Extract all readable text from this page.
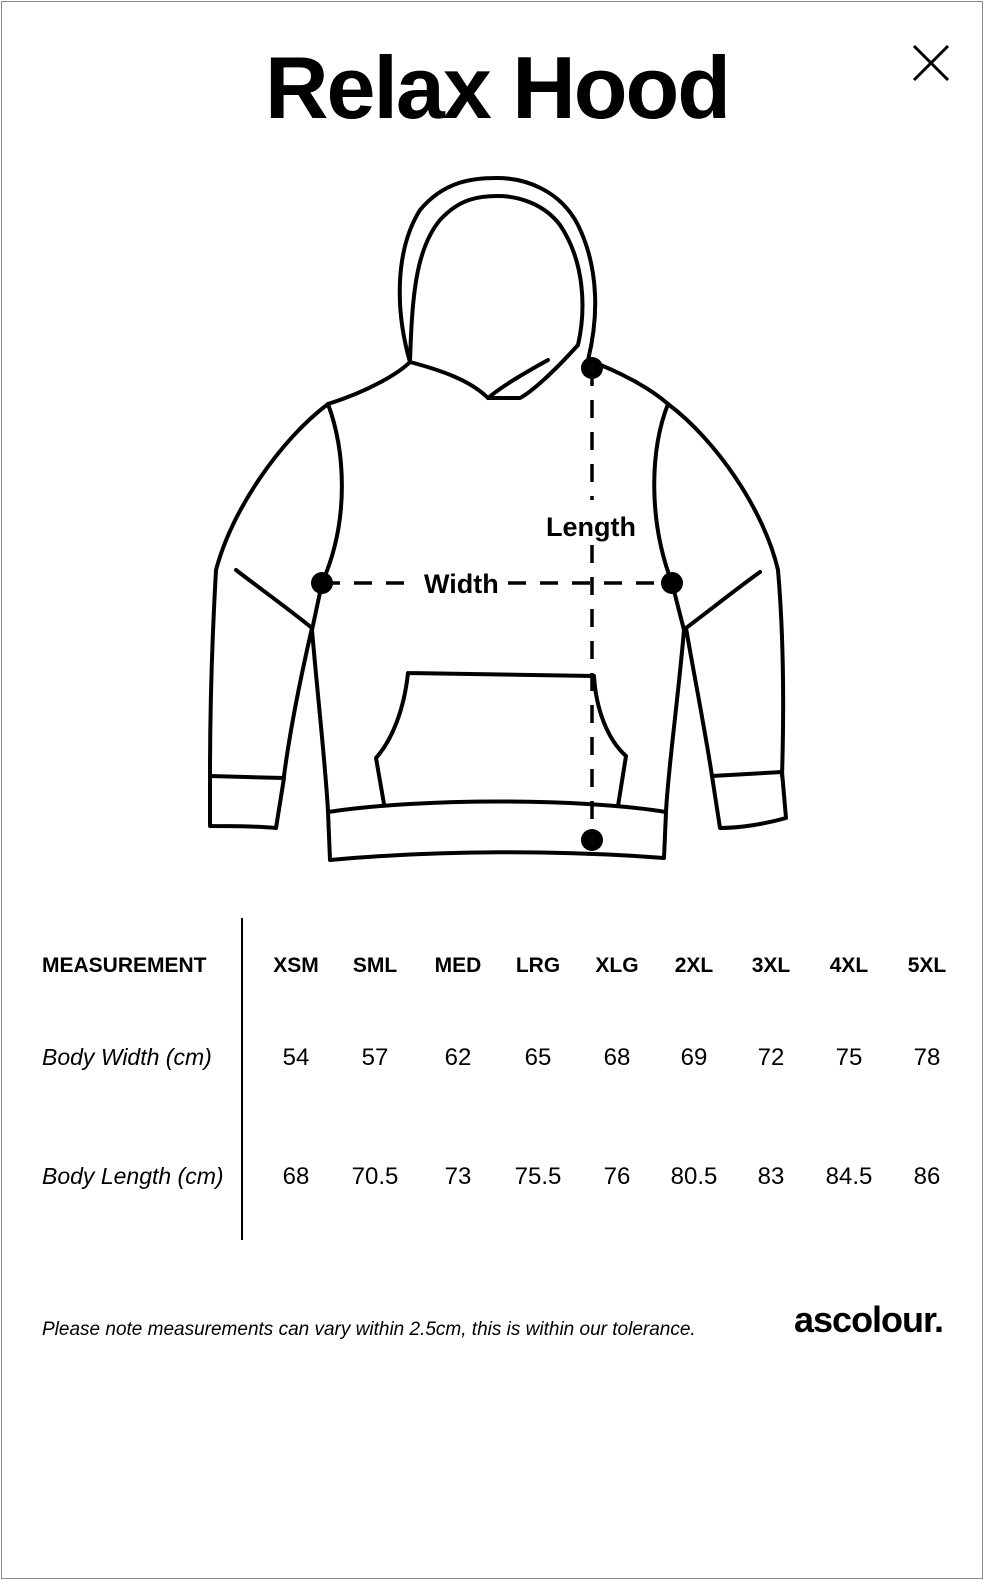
Relax Hood
Width
Length
MEASUREMENT	XSM	SML	MED	LRG	XLG	2XL	3XL	4XL	5XL
Body Width (cm)	54	57	62	65	68	69	72	75	78
Body Length (cm)	68	70.5	73	75.5	76	80.5	83	84.5	86
Please note measurements can vary within 2.5cm, this is within our tolerance.	ascolour.
